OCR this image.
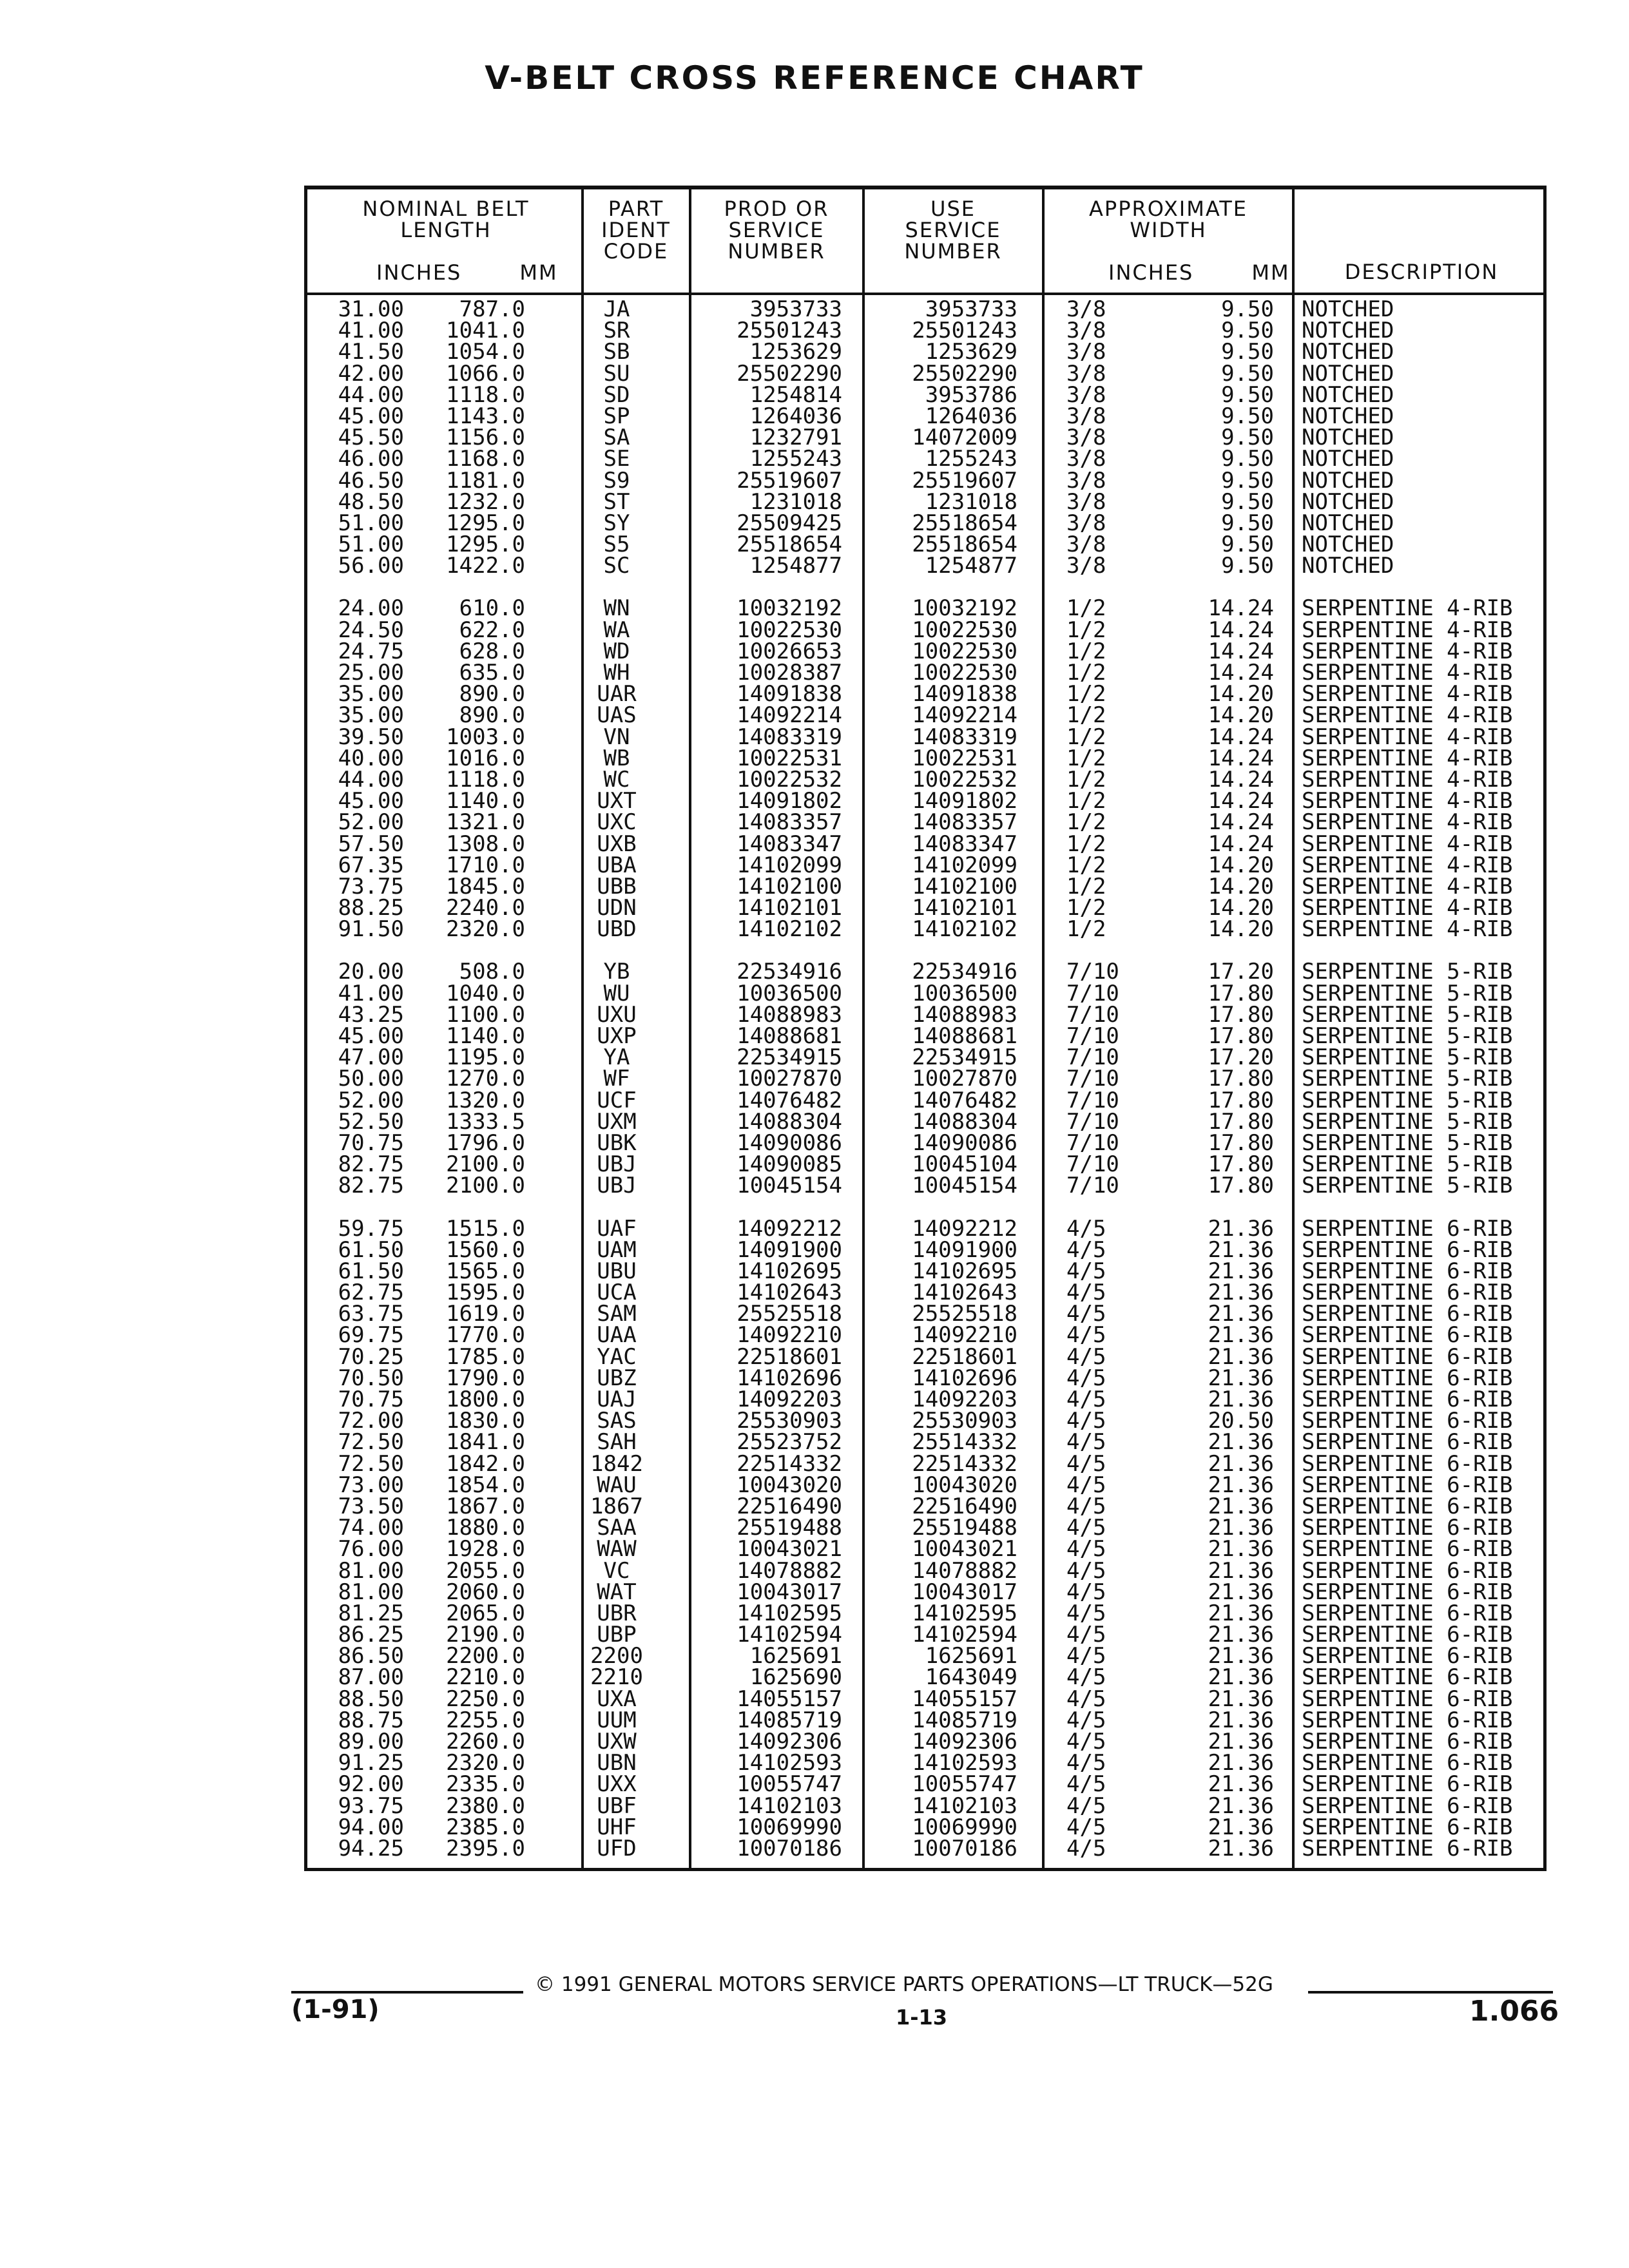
V-BELT CROSS REFERENCE CHART
NOMINAL BELT
LENGTH

INCHES	MM

PART
IDENT
CODE
PROD OR
SERVICE
NUMBER
USE
SERVICE
NUMBER
APPROXIMATE
WIDTH

INCHES	MM
	DESCRIPTION
31.00	787.0	JA	3953733	3953733 3/8	9.50 NOTCHED
41.00	1041.0	SR	25501243	25501243 3/8	9.50 NOTCHED
41.50	1054.0	SB	1253629	1253629 3/8	9.50 NOTCHED
42.00	1066.0	SU	25502290	25502290 3/8	9.50 NOTCHED
44.00	1118.0	SD	1254814	3953786 3/8	9.50 NOTCHED
45.00	1143.0	SP	1264036	1264036 3/8	9.50 NOTCHED
45.50	1156.0	SA	1232791	14072009 3/8	9.50 NOTCHED
46.00	1168.0	SE	1255243	1255243 3/8	9.50 NOTCHED
46.50	1181.0	S9	25519607	25519607 3/8	9.50 NOTCHED
48.50	1232.0	ST	1231018	1231018 3/8	9.50 NOTCHED
51.00	1295.0	SY	25509425	25518654 3/8	9.50 NOTCHED
51.00	1295.0	S5	25518654	25518654 3/8	9.50 NOTCHED
56.00	1422.0	SC	1254877	1254877 3/8	9.50 NOTCHED
24.00	610.0	WN	10032192	10032192 1/2	14.24 SERPENTINE 4-RIB
24.50	622.0	WA	10022530	10022530 1/2	14.24 SERPENTINE 4-RIB
24.75	628.0	WD	10026653	10022530 1/2	14.24 SERPENTINE 4-RIB
25.00	635.0	WH	10028387	10022530 1/2	14.24 SERPENTINE 4-RIB
35.00	890.0	UAR	14091838	14091838 1/2	14.20 SERPENTINE 4-RIB
35.00	890.0	UAS	14092214	14092214 1/2	14.20 SERPENTINE 4-RIB
39.50	1003.0	VN	14083319	14083319 1/2	14.24 SERPENTINE 4-RIB
40.00	1016.0	WB	10022531	10022531 1/2	14.24 SERPENTINE 4-RIB
44.00	1118.0	WC	10022532	10022532 1/2	14.24 SERPENTINE 4-RIB
45.00	1140.0	UXT	14091802	14091802 1/2	14.24 SERPENTINE 4-RIB
52.00	1321.0	UXC	14083357	14083357 1/2	14.24 SERPENTINE 4-RIB
57.50	1308.0	UXB	14083347	14083347 1/2	14.24 SERPENTINE 4-RIB
67.35	1710.0	UBA	14102099	14102099 1/2	14.20 SERPENTINE 4-RIB
73.75	1845.0	UBB	14102100	14102100 1/2	14.20 SERPENTINE 4-RIB
88.25	2240.0	UDN	14102101	14102101 1/2	14.20 SERPENTINE 4-RIB
91.50	2320.0	UBD	14102102	14102102 1/2	14.20 SERPENTINE 4-RIB
20.00	508.0	YB	22534916	22534916 7/10	17.20 SERPENTINE 5-RIB
41.00	1040.0	WU	10036500	10036500 7/10	17.80 SERPENTINE 5-RIB
43.25	1100.0	UXU	14088983	14088983 7/10	17.80 SERPENTINE 5-RIB
45.00	1140.0	UXP	14088681	14088681 7/10	17.80 SERPENTINE 5-RIB
47.00	1195.0	YA	22534915	22534915 7/10	17.20 SERPENTINE 5-RIB
50.00	1270.0	WF	10027870	10027870 7/10	17.80 SERPENTINE 5-RIB
52.00	1320.0	UCF	14076482	14076482 7/10	17.80 SERPENTINE 5-RIB
52.50	1333.5	UXM	14088304	14088304 7/10	17.80 SERPENTINE 5-RIB
70.75	1796.0	UBK	14090086	14090086 7/10	17.80 SERPENTINE 5-RIB
82.75	2100.0	UBJ	14090085	10045104 7/10	17.80 SERPENTINE 5-RIB
82.75	2100.0	UBJ	10045154	10045154 7/10	17.80 SERPENTINE 5-RIB
59.75	1515.0	UAF	14092212	14092212 4/5	21.36 SERPENTINE 6-RIB
61.50	1560.0	UAM	14091900	14091900 4/5	21.36 SERPENTINE 6-RIB
61.50	1565.0	UBU	14102695	14102695 4/5	21.36 SERPENTINE 6-RIB
62.75	1595.0	UCA	14102643	14102643 4/5	21.36 SERPENTINE 6-RIB
63.75	1619.0	SAM	25525518	25525518 4/5	21.36 SERPENTINE 6-RIB
69.75	1770.0	UAA	14092210	14092210 4/5	21.36 SERPENTINE 6-RIB
70.25	1785.0	YAC	22518601	22518601 4/5	21.36 SERPENTINE 6-RIB
70.50	1790.0	UBZ	14102696	14102696 4/5	21.36 SERPENTINE 6-RIB
70.75	1800.0	UAJ	14092203	14092203 4/5	21.36 SERPENTINE 6-RIB
72.00	1830.0	SAS	25530903	25530903 4/5	20.50 SERPENTINE 6-RIB
72.50	1841.0	SAH	25523752	25514332 4/5	21.36 SERPENTINE 6-RIB
72.50	1842.0	1842	22514332	22514332 4/5	21.36 SERPENTINE 6-RIB
73.00	1854.0	WAU	10043020	10043020 4/5	21.36 SERPENTINE 6-RIB
73.50	1867.0	1867	22516490	22516490 4/5	21.36 SERPENTINE 6-RIB
74.00	1880.0	SAA	25519488	25519488 4/5	21.36 SERPENTINE 6-RIB
76.00	1928.0	WAW	10043021	10043021 4/5	21.36 SERPENTINE 6-RIB
81.00	2055.0	VC	14078882	14078882 4/5	21.36 SERPENTINE 6-RIB
81.00	2060.0	WAT	10043017	10043017 4/5	21.36 SERPENTINE 6-RIB
81.25	2065.0	UBR	14102595	14102595 4/5	21.36 SERPENTINE 6-RIB
86.25	2190.0	UBP	14102594	14102594 4/5	21.36 SERPENTINE 6-RIB
86.50	2200.0	2200	1625691	1625691 4/5	21.36 SERPENTINE 6-RIB
87.00	2210.0	2210	1625690	1643049 4/5	21.36 SERPENTINE 6-RIB
88.50	2250.0	UXA	14055157	14055157 4/5	21.36 SERPENTINE 6-RIB
88.75	2255.0	UUM	14085719	14085719 4/5	21.36 SERPENTINE 6-RIB
89.00	2260.0	UXW	14092306	14092306 4/5	21.36 SERPENTINE 6-RIB
91.25	2320.0	UBN	14102593	14102593 4/5	21.36 SERPENTINE 6-RIB
92.00	2335.0	UXX	10055747	10055747 4/5	21.36 SERPENTINE 6-RIB
93.75	2380.0	UBF	14102103	14102103 4/5	21.36 SERPENTINE 6-RIB
94.00	2385.0	UHF	10069990	10069990 4/5	21.36 SERPENTINE 6-RIB
94.25	2395.0	UFD	10070186	10070186 4/5	21.36 SERPENTINE 6-RIB
© 1991 GENERAL MOTORS SERVICE PARTS OPERATIONS—LT TRUCK—52G
1-13
(1-91)	1.066
